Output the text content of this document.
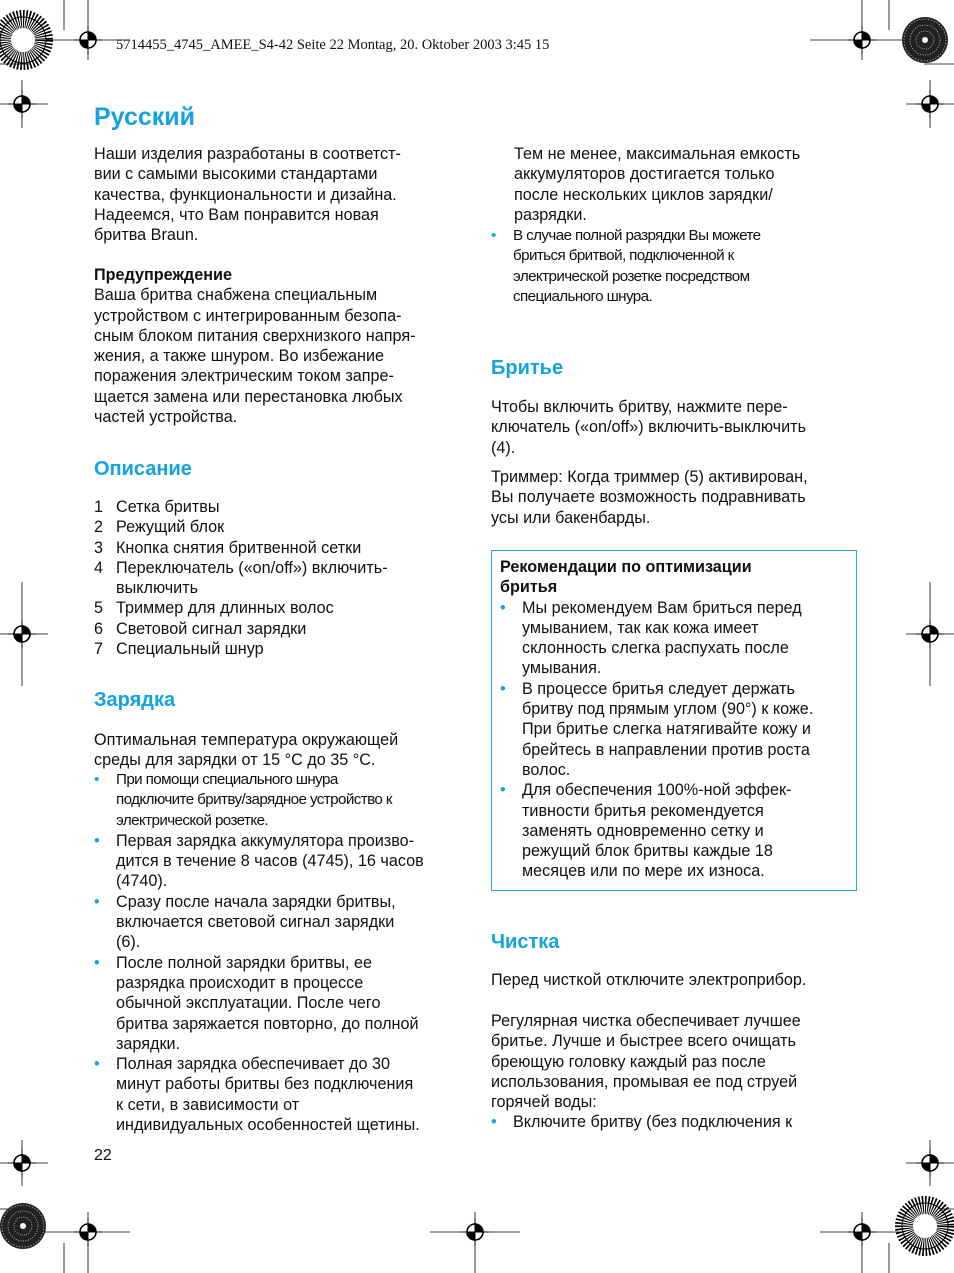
5714455_4745_AMEE_S4-42 Seite 22 Montag, 20. Oktober 2003 3:45 15
Русский
Наши изделия разработаны в соответст-
вии с самыми высокими стандартами
качества, функциональности и дизайна.
Надеемся, что Вам понравится новая
бритва Braun.

Предупреждение

Ваша бритва снабжена специальным
устройством с интегрированным безопа-
сным блоком питания сверхнизкого напря-
жения, а также шнуром. Во избежание
поражения электрическим током запре-
щается замена или перестановка любых
частей устройства.
Описание
1 Сетка бритвы
2 Режущий блок
3 Кнопка снятия бритвенной сетки
4 Переключатель («on/off») включить-
выключить
5 Триммер для длинных волос
6 Световой сигнал зарядки
7 Специальный шнур
Зарядка
Оптимальная температура окружающей
среды для зарядки от 15 °C до 35 °C.
• При помощи специального шнура
подключите бритву/зарядное устройство к
электрической розетке.
• Первая зарядка аккумулятора произво-
дится в течение 8 часов (4745), 16 часов
(4740).
• Сразу после начала зарядки бритвы,
включается световой сигнал зарядки
(6).
• После полной зарядки бритвы, ее
разрядка происходит в процессе
обычной эксплуатации. После чего
бритва заряжается повторно, до полной
зарядки.
• Полная зарядка обеспечивает до 30
минут работы бритвы без подключения
к сети, в зависимости от
индивидуальных особенностей щетины.
22
Тем не менее, максимальная емкость
аккумуляторов достигается только
после нескольких циклов зарядки/
разрядки.
• В случае полной разрядки Вы можете
бриться бритвой, подключенной к
электрической розетке посредством
специального шнура.
Бритье
Чтобы включить бритву, нажмите пере-
ключатель («on/off») включить-выключить
(4).
Триммер: Когда триммер (5) активирован,
Вы получаете возможность подравнивать
усы или бакенбарды.
Рекомендации по оптимизации
бритья
• Мы рекомендуем Вам бриться перед
умыванием, так как кожа имеет
склонность слегка распухать после
умывания.
• В процессе бритья следует держать
бритву под прямым углом (90°) к коже.
При бритье слегка натягивайте кожу и
брейтесь в направлении против роста
волос.
• Для обеспечения 100%-ной эффек-
тивности бритья рекомендуется
заменять одновременно сетку и
режущий блок бритвы каждые 18
месяцев или по мере их износа.
Чистка
Перед чисткой отключите электроприбор.
Регулярная чистка обеспечивает лучшее
бритье. Лучше и быстрее всего очищать
бреющую головку каждый раз после
использования, промывая ее под струей
горячей воды:
• Включите бритву (без подключения к
